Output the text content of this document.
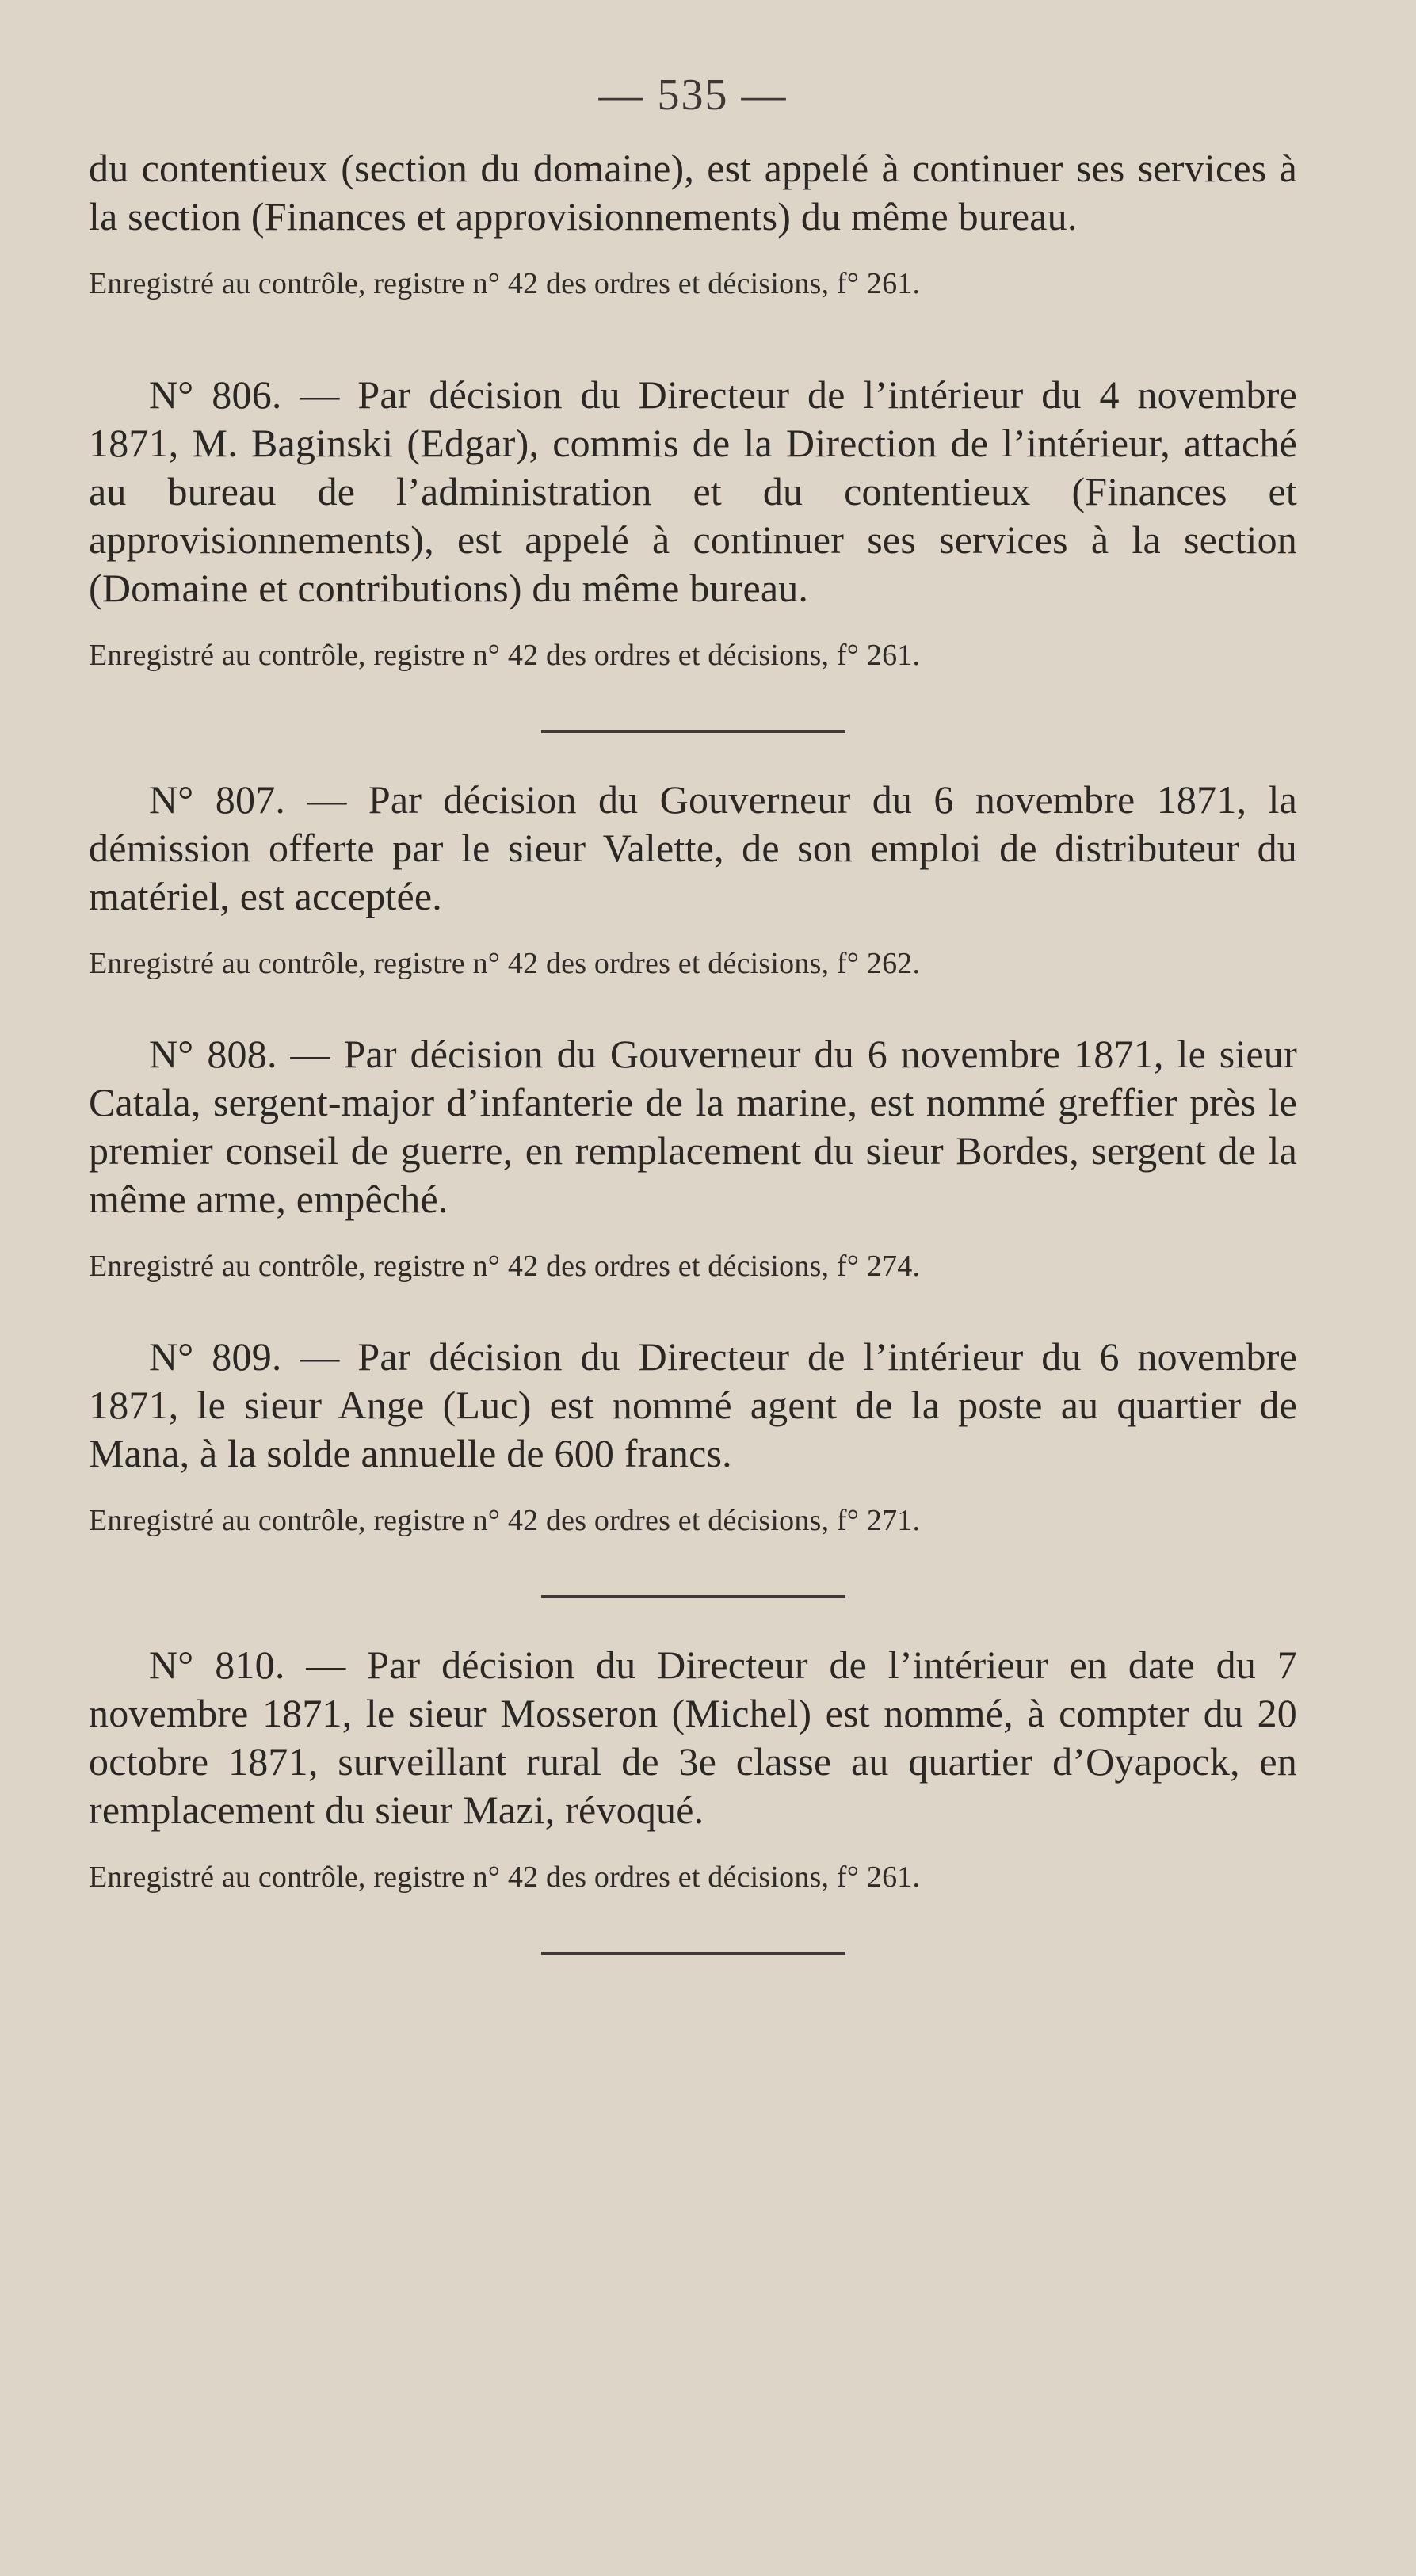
— 535 —

du contentieux (section du domaine), est appelé à continuer ses services à la section (Finances et approvisionnements) du même bureau.

Enregistré au contrôle, registre n° 42 des ordres et décisions, f° 261.

N° 806. — Par décision du Directeur de l’intérieur du 4 novembre 1871, M. Baginski (Edgar), commis de la Direction de l’intérieur, attaché au bureau de l’administration et du contentieux (Finances et approvisionnements), est appelé à continuer ses services à la section (Domaine et contributions) du même bureau.

Enregistré au contrôle, registre n° 42 des ordres et décisions, f° 261.

N° 807. — Par décision du Gouverneur du 6 novembre 1871, la démission offerte par le sieur Valette, de son emploi de distributeur du matériel, est acceptée.

Enregistré au contrôle, registre n° 42 des ordres et décisions, f° 262.

N° 808. — Par décision du Gouverneur du 6 novembre 1871, le sieur Catala, sergent-major d’infanterie de la marine, est nommé greffier près le premier conseil de guerre, en remplacement du sieur Bordes, sergent de la même arme, empêché.

Enregistré au contrôle, registre n° 42 des ordres et décisions, f° 274.

N° 809. — Par décision du Directeur de l’intérieur du 6 novembre 1871, le sieur Ange (Luc) est nommé agent de la poste au quartier de Mana, à la solde annuelle de 600 francs.

Enregistré au contrôle, registre n° 42 des ordres et décisions, f° 271.

N° 810. — Par décision du Directeur de l’intérieur en date du 7 novembre 1871, le sieur Mosseron (Michel) est nommé, à compter du 20 octobre 1871, surveillant rural de 3e classe au quartier d’Oyapock, en remplacement du sieur Mazi, révoqué.

Enregistré au contrôle, registre n° 42 des ordres et décisions, f° 261.
